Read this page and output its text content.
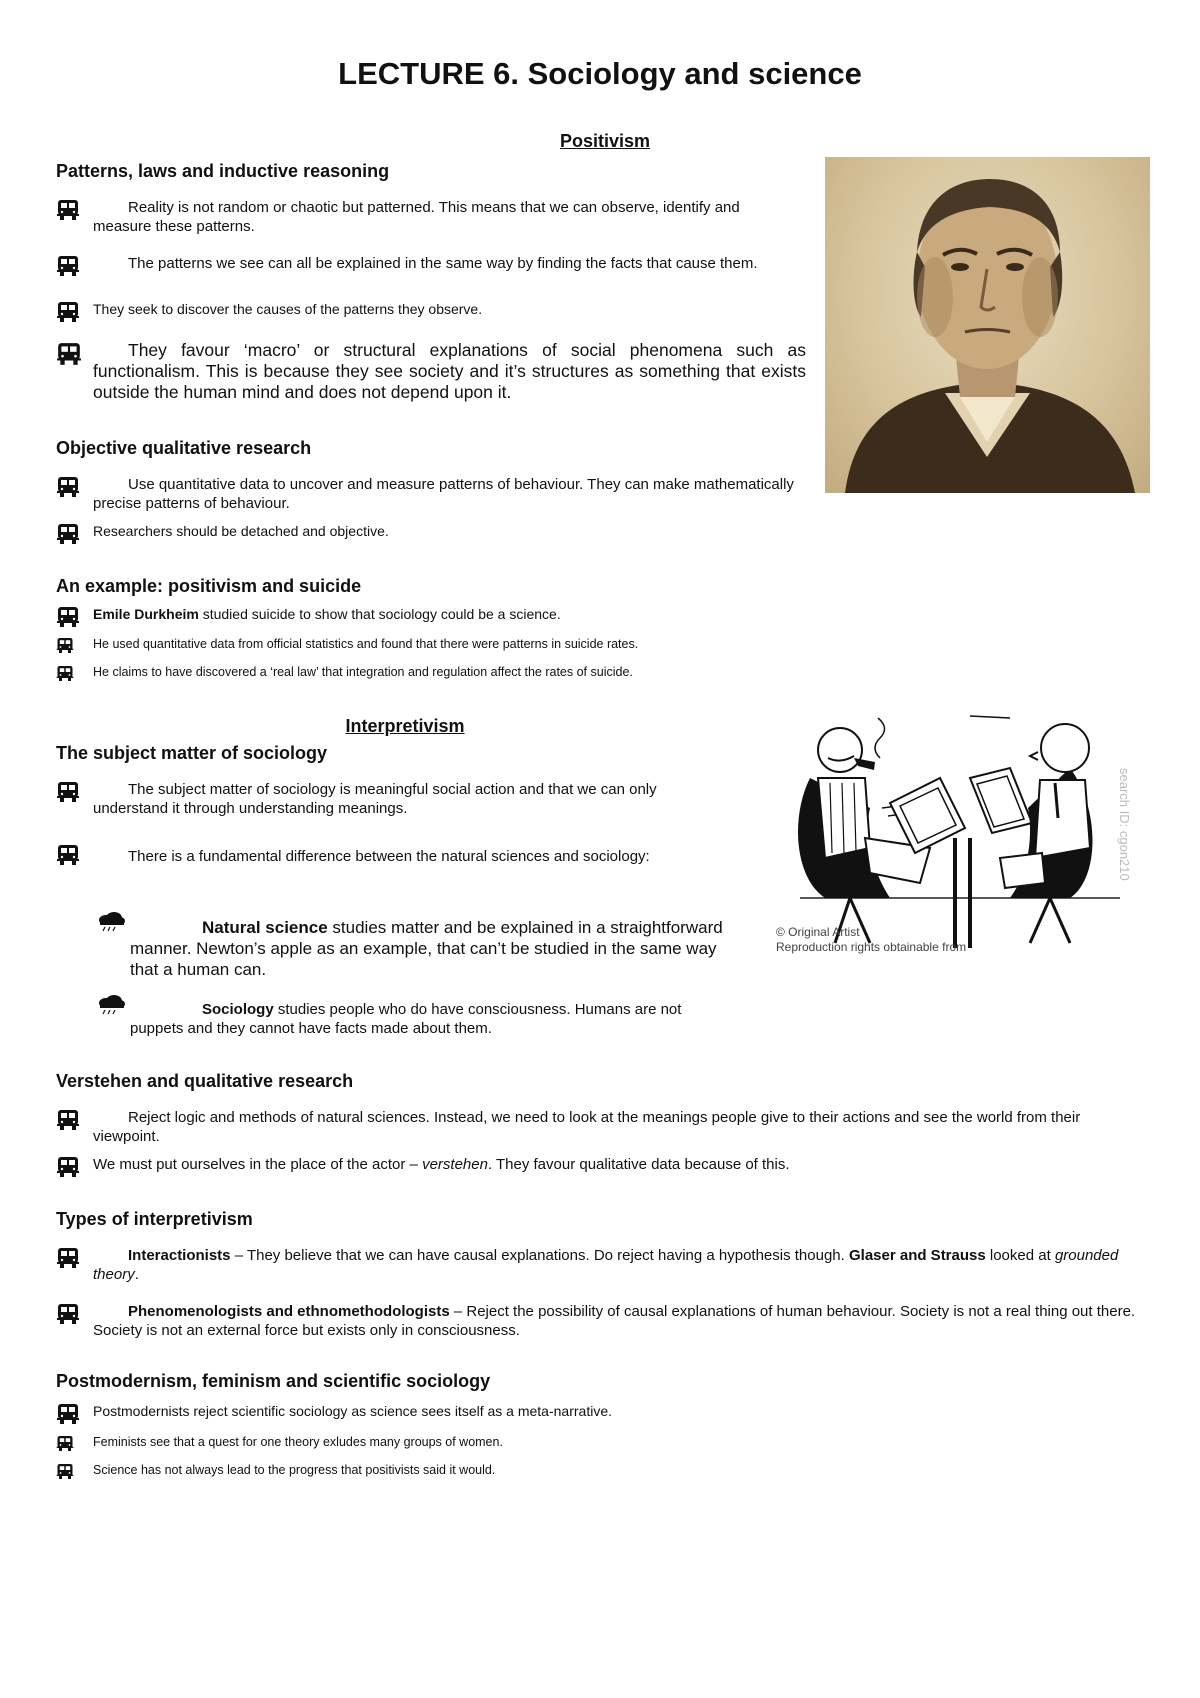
LECTURE 6. Sociology and science
Positivism
Patterns, laws and inductive reasoning
Reality is not random or chaotic but patterned. This means that we can observe, identify and measure these patterns.
The patterns we see can all be explained in the same way by finding the facts that cause them.
They seek to discover the causes of the patterns they observe.
They favour ‘macro’ or structural explanations of social phenomena such as functionalism. This is because they see society and it’s structures as something that exists outside the human mind and does not depend upon it.
Objective qualitative research
Use quantitative data to uncover and measure patterns of behaviour. They can make mathematically precise patterns of behaviour.
Researchers should be detached and objective.
An example: positivism and suicide
Emile Durkheim studied suicide to show that sociology could be a science.
He used quantitative data from official statistics and found that there were patterns in suicide rates.
He claims to have discovered a ‘real law’ that integration and regulation affect the rates of suicide.
Interpretivism
The subject matter of sociology
The subject matter of sociology is meaningful social action and that we can only understand it through understanding meanings.
There is a fundamental difference between the natural sciences and sociology:
Natural science studies matter and be explained in a straightforward manner. Newton’s apple as an example, that can’t be studied in the same way that a human can.
Sociology studies people who do have consciousness. Humans are not puppets and they cannot have facts made about them.
search ID: cgon210
© Original Artist
Reproduction rights obtainable from
Verstehen and qualitative research
Reject logic and methods of natural sciences. Instead, we need to look at the meanings people give to their actions and see the world from their viewpoint.
We must put ourselves in the place of the actor – verstehen. They favour qualitative data because of this.
Types of interpretivism
Interactionists – They believe that we can have causal explanations. Do reject having a hypothesis though. Glaser and Strauss looked at grounded theory.
Phenomenologists and ethnomethodologists – Reject the possibility of causal explanations of human behaviour. Society is not a real thing out there. Society is not an external force but exists only in consciousness.
Postmodernism, feminism and scientific sociology
Postmodernists reject scientific sociology as science sees itself as a meta-narrative.
Feminists see that a quest for one theory exludes many groups of women.
Science has not always lead to the progress that positivists said it would.
